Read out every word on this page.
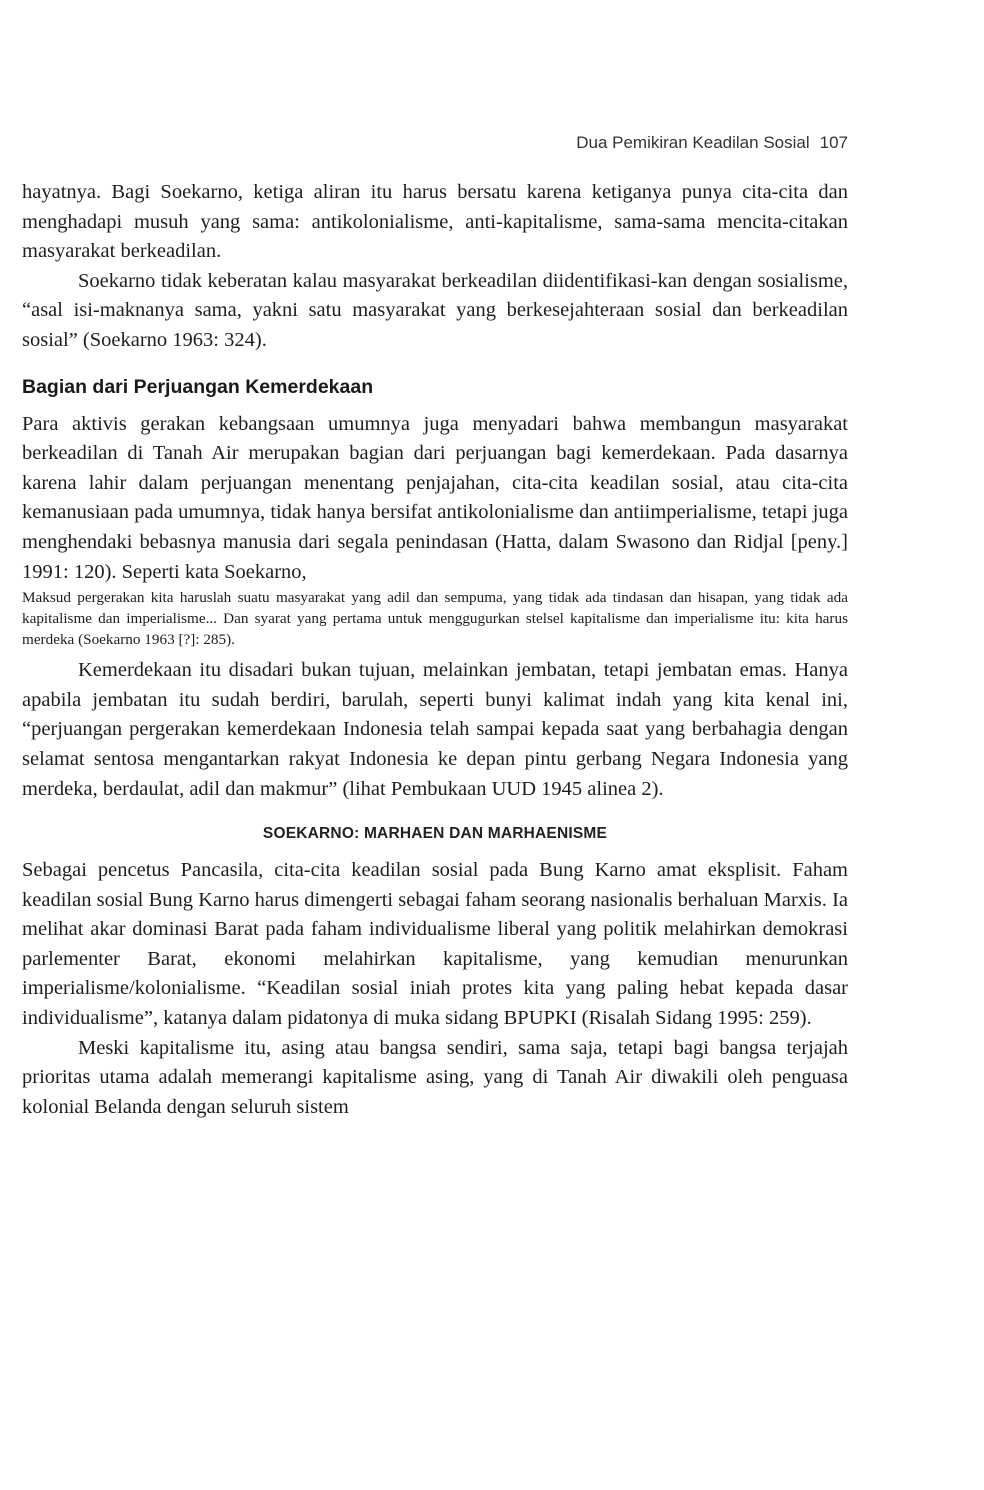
Dua Pemikiran Keadilan Sosial 107

hayatnya. Bagi Soekarno, ketiga aliran itu harus bersatu karena ketiganya punya cita-cita dan menghadapi musuh yang sama: antikolonialisme, anti-kapitalisme, sama-sama mencita-citakan masyarakat berkeadilan.

Soekarno tidak keberatan kalau masyarakat berkeadilan diidentifikasi-kan dengan sosialisme, “asal isi-maknanya sama, yakni satu masyarakat yang berkesejahteraan sosial dan berkeadilan sosial” (Soekarno 1963: 324).

Bagian dari Perjuangan Kemerdekaan

Para aktivis gerakan kebangsaan umumnya juga menyadari bahwa membangun masyarakat berkeadilan di Tanah Air merupakan bagian dari perjuangan bagi kemerdekaan. Pada dasarnya karena lahir dalam perjuangan menentang penjajahan, cita-cita keadilan sosial, atau cita-cita kemanusiaan pada umumnya, tidak hanya bersifat antikolonialisme dan antiimperialisme, tetapi juga menghendaki bebasnya manusia dari segala penindasan (Hatta, dalam Swasono dan Ridjal [peny.] 1991: 120). Seperti kata Soekarno,

Maksud pergerakan kita haruslah suatu masyarakat yang adil dan sempuma, yang tidak ada tindasan dan hisapan, yang tidak ada kapitalisme dan imperialisme... Dan syarat yang pertama untuk menggugurkan stelsel kapitalisme dan imperialisme itu: kita harus merdeka (Soekarno 1963 [?]: 285).

Kemerdekaan itu disadari bukan tujuan, melainkan jembatan, tetapi jembatan emas. Hanya apabila jembatan itu sudah berdiri, barulah, seperti bunyi kalimat indah yang kita kenal ini, “perjuangan pergerakan kemerdekaan Indonesia telah sampai kepada saat yang berbahagia dengan selamat sentosa mengantarkan rakyat Indonesia ke depan pintu gerbang Negara Indonesia yang merdeka, berdaulat, adil dan makmur” (lihat Pembukaan UUD 1945 alinea 2).

SOEKARNO: MARHAEN DAN MARHAENISME

Sebagai pencetus Pancasila, cita-cita keadilan sosial pada Bung Karno amat eksplisit. Faham keadilan sosial Bung Karno harus dimengerti sebagai faham seorang nasionalis berhaluan Marxis. Ia melihat akar dominasi Barat pada faham individualisme liberal yang politik melahirkan demokrasi parlementer Barat, ekonomi melahirkan kapitalisme, yang kemudian menurunkan imperialisme/kolonialisme. “Keadilan sosial iniah protes kita yang paling hebat kepada dasar individualisme”, katanya dalam pidatonya di muka sidang BPUPKI (Risalah Sidang 1995: 259).

Meski kapitalisme itu, asing atau bangsa sendiri, sama saja, tetapi bagi bangsa terjajah prioritas utama adalah memerangi kapitalisme asing, yang di Tanah Air diwakili oleh penguasa kolonial Belanda dengan seluruh sistem
